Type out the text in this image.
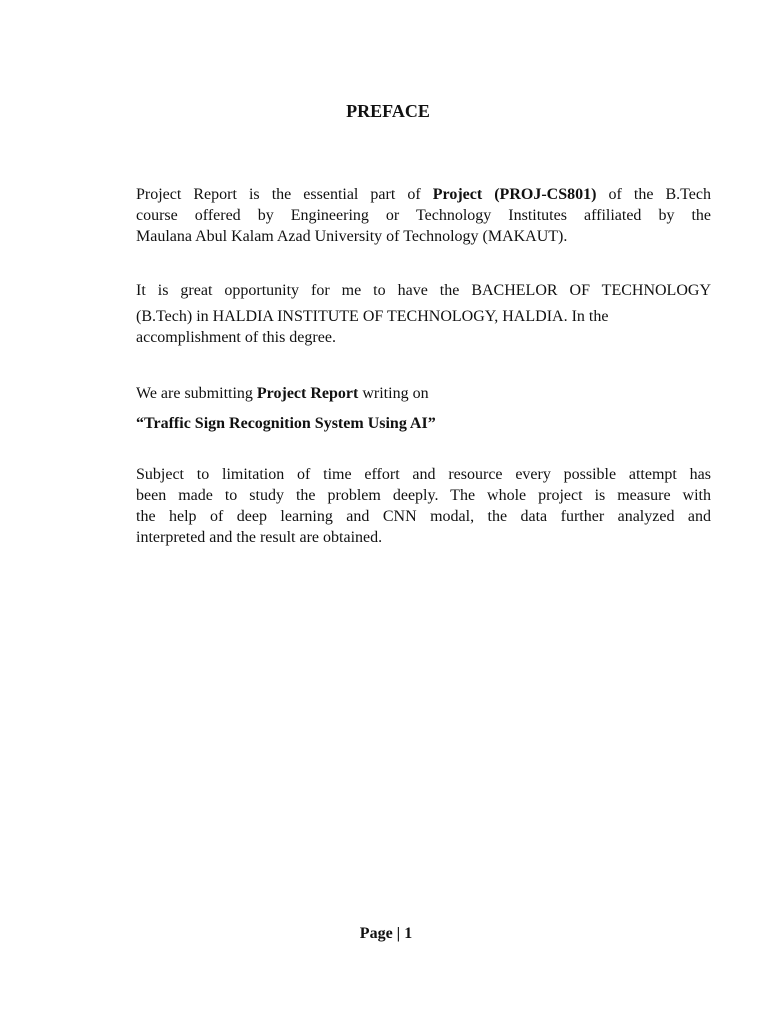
PREFACE
Project Report is the essential part of Project (PROJ-CS801) of the B.Tech
course offered by Engineering or Technology Institutes affiliated by the
Maulana Abul Kalam Azad University of Technology (MAKAUT).
It is great opportunity for me to have the BACHELOR OF TECHNOLOGY
(B.Tech) in HALDIA INSTITUTE OF TECHNOLOGY, HALDIA. In the
accomplishment of this degree.
We are submitting Project Report writing on
“Traffic Sign Recognition System Using AI”
Subject to limitation of time effort and resource every possible attempt has
been made to study the problem deeply. The whole project is measure with
the help of deep learning and CNN modal, the data further analyzed and
interpreted and the result are obtained.
Page | 1
